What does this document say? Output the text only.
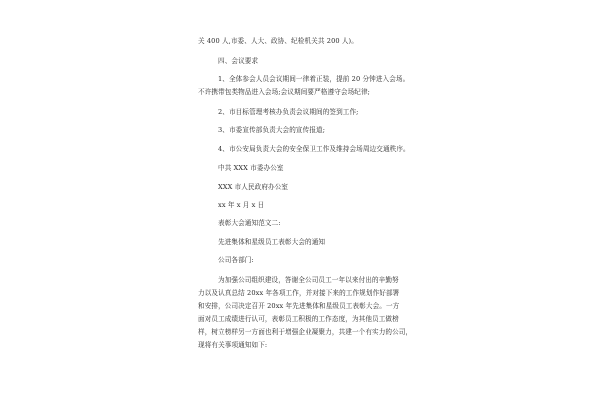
关 400 人,市委、人大、政协、纪检机关共 200 人)。
四、会议要求
1、全体参会人员会议期间一律着正装，提前 20 分钟进入会场。
不许携带包类物品进入会场;会议期间要严格遵守会场纪律;
2、市目标管理考核办负责会议期间的签到工作;
3、市委宣传部负责大会的宣传报道;
4、市公安局负责大会的安全保卫工作及维持会场周边交通秩序。
中共 XXX 市委办公室
XXX 市人民政府办公室
xx 年 x 月 x 日
表彰大会通知范文二:
先进集体和星级员工表彰大会的通知
公司各部门:
为加强公司组织建设，答谢全公司员工一年以来付出的辛勤努
力以及认真总结 20xx 年各项工作，并对接下来的工作规划作好部署
和安排，公司决定召开 20xx 年先进集体和星级员工表彰大会。一方
面对员工成绩进行认可，表彰员工积极的工作态度，为其他员工做榜
样，树立榜样另一方面也利于增强企业凝聚力，共建一个有实力的公司，
现将有关事项通知如下:
